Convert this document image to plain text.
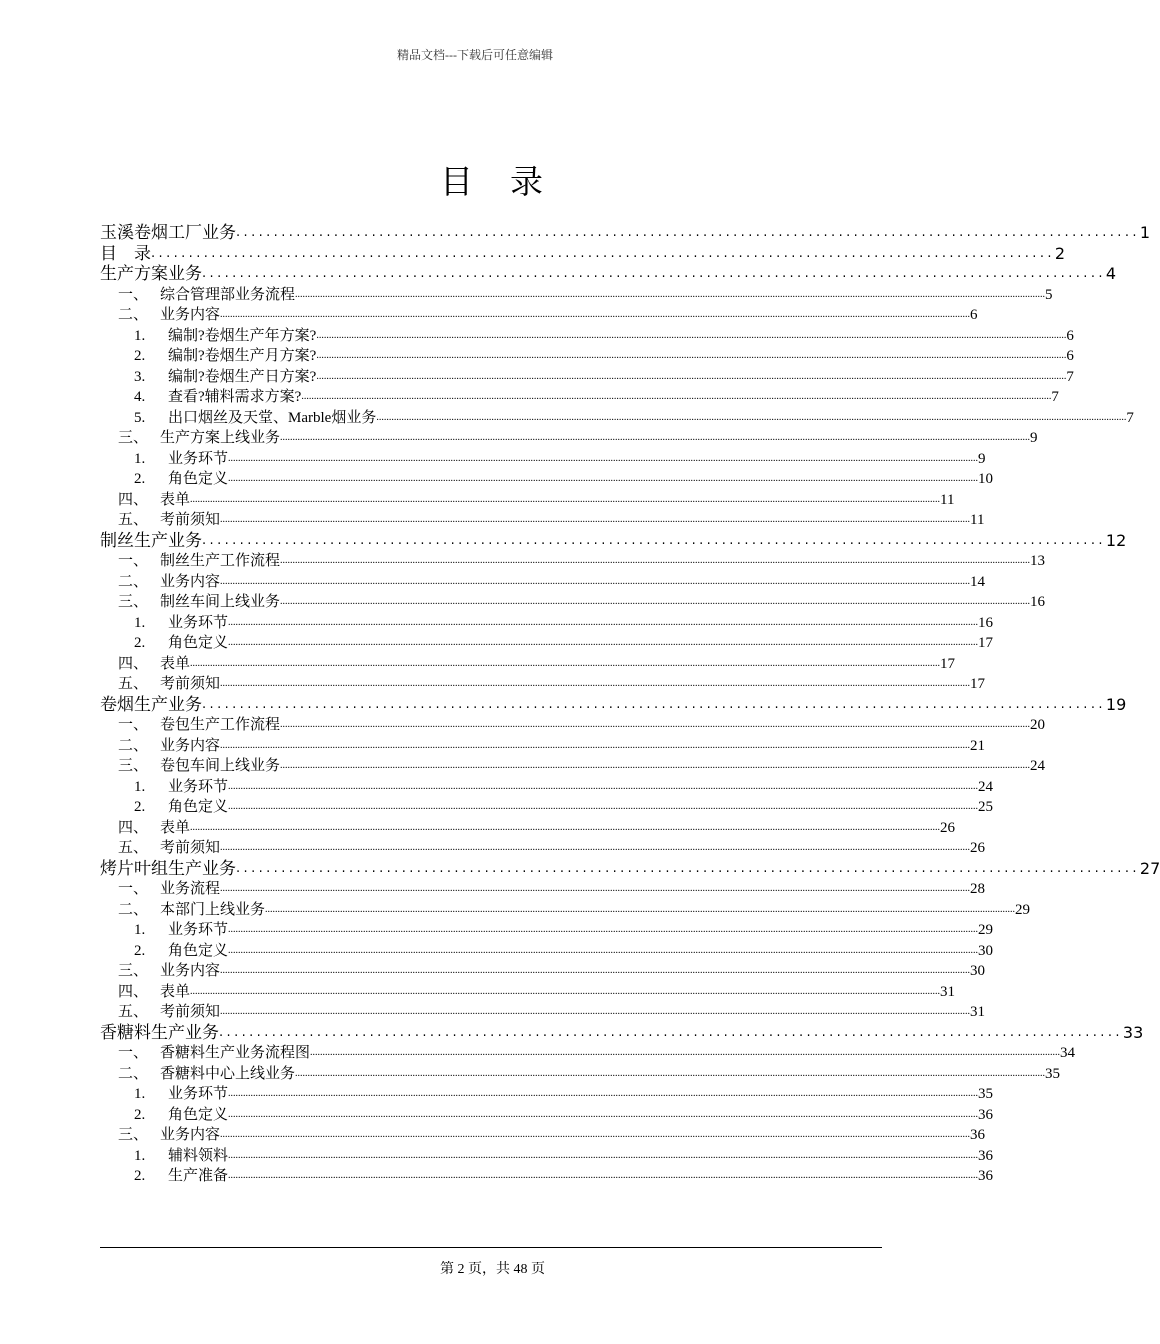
精品文档---下载后可任意编辑
目　录
玉溪卷烟工厂业务 ........................................................................................................................ 1
目　录 ........................................................................................................................ 2
生产方案业务 ........................................................................................................................ 4
一、 综合管理部业务流程 ............................................................................................................................................................................................................................................................................................................ 5
二、 业务内容 ............................................................................................................................................................................................................................................................................................................ 6
1.	编制?卷烟生产年方案? ............................................................................................................................................................................................................................................................................................................ 6
2.	编制?卷烟生产月方案? ............................................................................................................................................................................................................................................................................................................ 6
3.	编制?卷烟生产日方案? ............................................................................................................................................................................................................................................................................................................ 7
4.	查看?辅料需求方案? ............................................................................................................................................................................................................................................................................................................ 7
5.	出口烟丝及天堂、Marble烟业务 ............................................................................................................................................................................................................................................................................................................ 7
三、 生产方案上线业务 ............................................................................................................................................................................................................................................................................................................ 9
1.	业务环节 ............................................................................................................................................................................................................................................................................................................ 9
2.	角色定义 ............................................................................................................................................................................................................................................................................................................ 10
四、 表单 ............................................................................................................................................................................................................................................................................................................ 11
五、 考前须知 ............................................................................................................................................................................................................................................................................................................ 11
制丝生产业务 ........................................................................................................................ 12
一、 制丝生产工作流程 ............................................................................................................................................................................................................................................................................................................ 13
二、 业务内容 ............................................................................................................................................................................................................................................................................................................ 14
三、 制丝车间上线业务 ............................................................................................................................................................................................................................................................................................................ 16
1.	业务环节 ............................................................................................................................................................................................................................................................................................................ 16
2.	角色定义 ............................................................................................................................................................................................................................................................................................................ 17
四、 表单 ............................................................................................................................................................................................................................................................................................................ 17
五、 考前须知 ............................................................................................................................................................................................................................................................................................................ 17
卷烟生产业务 ........................................................................................................................ 19
一、 卷包生产工作流程 ............................................................................................................................................................................................................................................................................................................ 20
二、 业务内容 ............................................................................................................................................................................................................................................................................................................ 21
三、 卷包车间上线业务 ............................................................................................................................................................................................................................................................................................................ 24
1.	业务环节 ............................................................................................................................................................................................................................................................................................................ 24
2.	角色定义 ............................................................................................................................................................................................................................................................................................................ 25
四、 表单 ............................................................................................................................................................................................................................................................................................................ 26
五、 考前须知 ............................................................................................................................................................................................................................................................................................................ 26
烤片叶组生产业务 ........................................................................................................................ 27
一、 业务流程 ............................................................................................................................................................................................................................................................................................................ 28
二、 本部门上线业务 ............................................................................................................................................................................................................................................................................................................ 29
1.	业务环节 ............................................................................................................................................................................................................................................................................................................ 29
2.	角色定义 ............................................................................................................................................................................................................................................................................................................ 30
三、 业务内容 ............................................................................................................................................................................................................................................................................................................ 30
四、 表单 ............................................................................................................................................................................................................................................................................................................ 31
五、 考前须知 ............................................................................................................................................................................................................................................................................................................ 31
香糖料生产业务 ........................................................................................................................ 33
一、 香糖料生产业务流程图 ............................................................................................................................................................................................................................................................................................................ 34
二、 香糖料中心上线业务 ............................................................................................................................................................................................................................................................................................................ 35
1.	业务环节 ............................................................................................................................................................................................................................................................................................................ 35
2.	角色定义 ............................................................................................................................................................................................................................................................................................................ 36
三、 业务内容 ............................................................................................................................................................................................................................................................................................................ 36
1.	辅料领料 ............................................................................................................................................................................................................................................................................................................ 36
2.	生产准备 ............................................................................................................................................................................................................................................................................................................ 36
第 2 页，共 48 页
